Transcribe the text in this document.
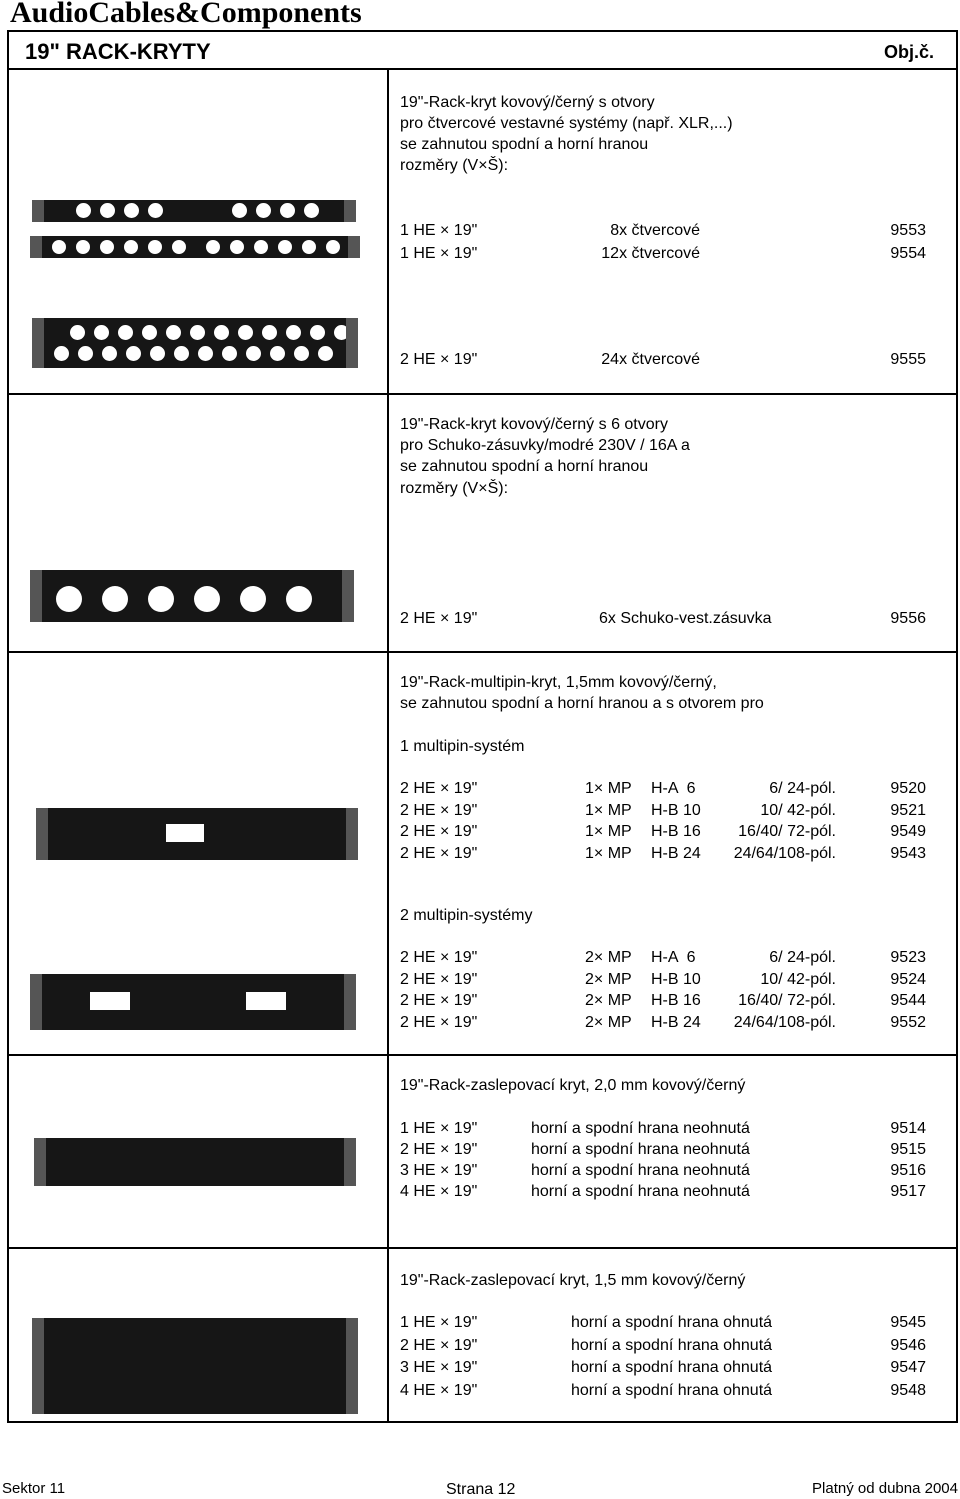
AudioCables&Components
19" RACK-KRYTY	Obj.č.
19"-Rack-kryt kovový/černý s otvory
pro čtvercové vestavné systémy (např. XLR,...)
se zahnutou spodní a horní hranou
rozměry (V×Š):
1 HE × 19"	8x čtvercové	9553
1 HE × 19"	12x čtvercové	9554
2 HE × 19"	24x čtvercové	9555
19"-Rack-kryt kovový/černý s 6 otvory
pro Schuko-zásuvky/modré 230V / 16A a
se zahnutou spodní a horní hranou
rozměry (V×Š):
2 HE × 19"	6x Schuko-vest.zásuvka	9556
19"-Rack-multipin-kryt, 1,5mm kovový/černý,
se zahnutou spodní a horní hranou a s otvorem pro
1 multipin-systém
2 HE × 19"	1× MP H-A  6	6/ 24-pól.	9520
2 HE × 19"	1× MP H-B 10	10/ 42-pól.	9521
2 HE × 19"	1× MP H-B 16	16/40/ 72-pól.	9549
2 HE × 19"	1× MP H-B 24	24/64/108-pól.	9543
2 multipin-systémy
2 HE × 19"	2× MP H-A  6	6/ 24-pól.	9523
2 HE × 19"	2× MP H-B 10	10/ 42-pól.	9524
2 HE × 19"	2× MP H-B 16	16/40/ 72-pól.	9544
2 HE × 19"	2× MP H-B 24	24/64/108-pól.	9552
19"-Rack-zaslepovací kryt, 2,0 mm kovový/černý
1 HE × 19"	horní a spodní hrana neohnutá	9514
2 HE × 19"	horní a spodní hrana neohnutá	9515
3 HE × 19"	horní a spodní hrana neohnutá	9516
4 HE × 19"	horní a spodní hrana neohnutá	9517
19"-Rack-zaslepovací kryt, 1,5 mm kovový/černý
1 HE × 19"	horní a spodní hrana ohnutá	9545
2 HE × 19"	horní a spodní hrana ohnutá	9546
3 HE × 19"	horní a spodní hrana ohnutá	9547
4 HE × 19"	horní a spodní hrana ohnutá	9548
Sektor 11	Strana 12	Platný od dubna 2004
